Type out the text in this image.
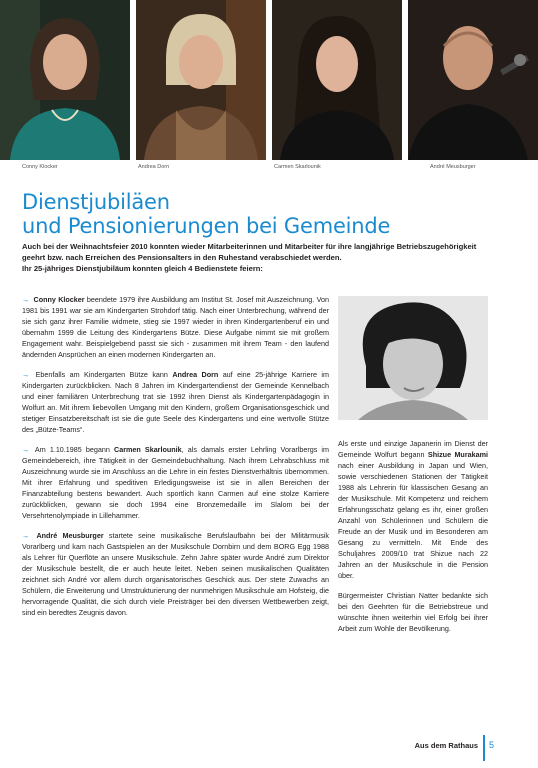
Conny Klocker	Andrea Dorn	Carmen Skarlounik	André Meusburger
Dienstjubiläen
und Pensionierungen bei Gemeinde

Auch bei der Weihnachtsfeier 2010 konnten wieder Mitarbeiterinnen und Mitarbeiter für ihre langjährige Betriebszugehörigkeit geehrt bzw. nach Erreichen des Pensionsalters in den Ruhestand verabschiedet werden.

Ihr 25-jähriges Dienstjubiläum konnten gleich 4 Bedienstete feiern:

→ Conny Klocker beendete 1979 ihre Ausbildung am Institut St. Josef mit Auszeichnung. Von 1981 bis 1991 war sie am Kindergarten Strohdorf tätig. Nach einer Unterbrechung, während der sie sich ganz ihrer Familie widmete, stieg sie 1997 wieder in ihren Kindergartenberuf ein und übernahm 1999 die Leitung des Kindergartens Bütze. Diese Aufgabe nimmt sie mit großem Engagement wahr. Beispielgebend passt sie sich - zusammen mit ihrem Team - den laufend ändernden Ansprüchen an einen modernen Kindergarten an.

→ Ebenfalls am Kindergarten Bütze kann Andrea Dorn auf eine 25-jährige Karriere im Kindergarten zurückblicken. Nach 8 Jahren im Kindergartendienst der Gemeinde Kennelbach und einer familiären Unterbrechung trat sie 1992 ihren Dienst als Kindergartenpädagogin in Wolfurt an. Mit ihrem liebevollen Umgang mit den Kindern, großem Organisationsgeschick und stetiger Einsatzbereitschaft ist sie die gute Seele des Kindergartens und eine wertvolle Stütze des „Bütze-Teams“.

→ Am 1.10.1985 begann Carmen Skarlounik, als damals erster Lehrling Vorarlbergs im Gemeindebereich, ihre Tätigkeit in der Gemeindebuchhaltung. Nach ihrem Lehrabschluss mit Auszeichnung wurde sie im Anschluss an die Lehre in ein festes Dienstverhältnis übernommen. Mit ihrer Erfahrung und speditiven Erledigungsweise ist sie in allen Bereichen der Finanzabteilung bestens bewandert. Auch sportlich kann Carmen auf eine stolze Karriere zurückblicken, gewann sie doch 1994 eine Bronzemedaille im Slalom bei der Versehrtenolympiade in Lillehammer.

→ André Meusburger startete seine musikalische Berufslaufbahn bei der Militärmusik Vorarlberg und kam nach Gastspielen an der Musikschule Dornbirn und dem BORG Egg 1988 als Lehrer für Querflöte an unsere Musikschule. Zehn Jahre später wurde André zum Direktor der Musikschule bestellt, die er auch heute leitet. Neben seinen musikalischen Qualitäten zeichnet sich André vor allem durch organisatorisches Geschick aus. Der stete Zuwachs an Schülern, die Erweiterung und Umstrukturierung der nunmehrigen Musikschule am Hofsteig, die hervorragende Qualität, die sich durch viele Preisträger bei den diversen Wettbewerben zeigt, sind ein beredtes Zeugnis davon.

Als erste und einzige Japanerin im Dienst der Gemeinde Wolfurt begann Shizue Murakami nach einer Ausbildung in Japan und Wien, sowie verschiedenen Stationen der Tätigkeit 1988 als Lehrerin für klassischen Gesang an der Musikschule. Mit Kompetenz und reichem Erfahrungsschatz gelang es ihr, einer großen Anzahl von Schülerinnen und Schülern die Freude an der Musik und im Besonderen am Gesang zu vermitteln. Mit Ende des Schuljahres 2009/10 trat Shizue nach 22 Jahren an der Musikschule in die Pension über.

Bürgermeister Christian Natter bedankte sich bei den Geehrten für die Betriebstreue und wünschte ihnen weiterhin viel Erfolg bei ihrer Arbeit zum Wohle der Bevölkerung.

Aus dem Rathaus 5
